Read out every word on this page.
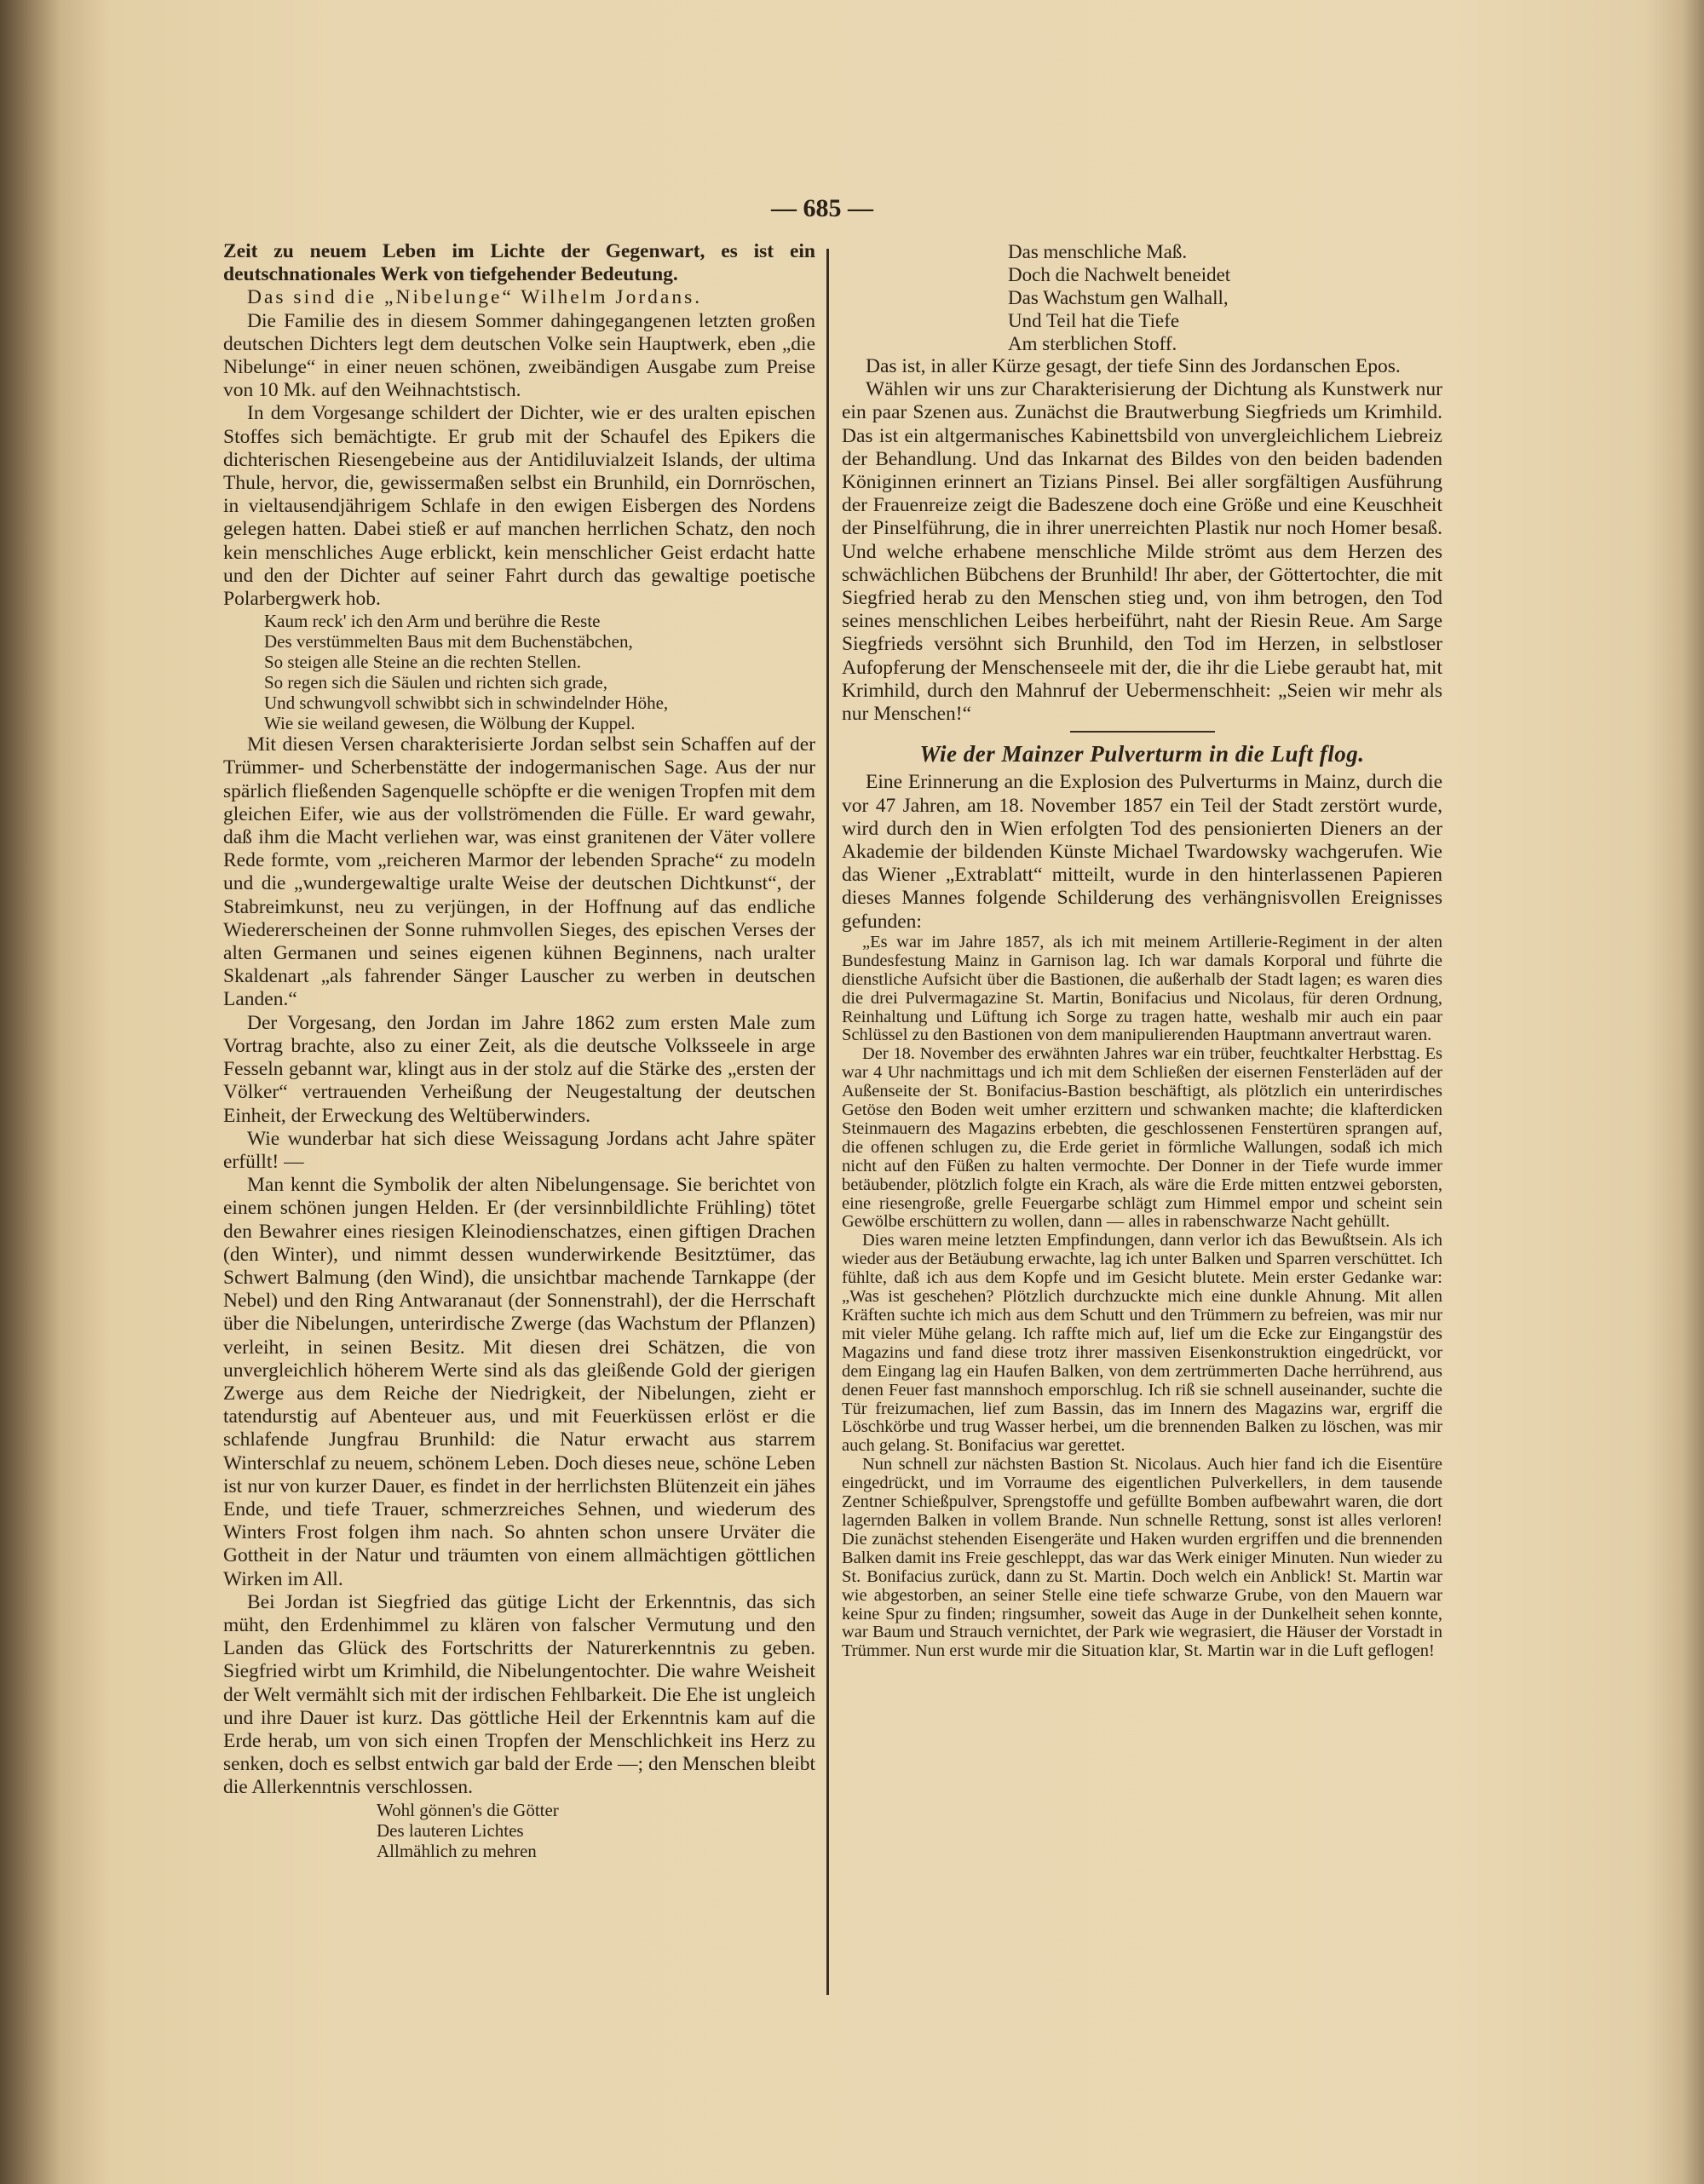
— 685 —

Zeit zu neuem Leben im Lichte der Gegenwart, es ist ein deutschnationales Werk von tiefgehender Bedeutung.

Das sind die „Nibelunge“ Wilhelm Jordans.

Die Familie des in diesem Sommer dahingegangenen letzten großen deutschen Dichters legt dem deutschen Volke sein Hauptwerk, eben „die Nibelunge“ in einer neuen schönen, zweibändigen Ausgabe zum Preise von 10 Mk. auf den Weihnachtstisch.

In dem Vorgesange schildert der Dichter, wie er des uralten epischen Stoffes sich bemächtigte. Er grub mit der Schaufel des Epikers die dichterischen Riesengebeine aus der Antidiluvialzeit Islands, der ultima Thule, hervor, die, gewissermaßen selbst ein Brunhild, ein Dornröschen, in vieltausendjährigem Schlafe in den ewigen Eisbergen des Nordens gelegen hatten. Dabei stieß er auf manchen herrlichen Schatz, den noch kein menschliches Auge erblickt, kein menschlicher Geist erdacht hatte und den der Dichter auf seiner Fahrt durch das gewaltige poetische Polarbergwerk hob.

Kaum reck' ich den Arm und berühre die Reste
Des verstümmelten Baus mit dem Buchenstäbchen,
So steigen alle Steine an die rechten Stellen.
So regen sich die Säulen und richten sich grade,
Und schwungvoll schwibbt sich in schwindelnder Höhe,
Wie sie weiland gewesen, die Wölbung der Kuppel.

Mit diesen Versen charakterisierte Jordan selbst sein Schaffen auf der Trümmer- und Scherbenstätte der indogermanischen Sage. Aus der nur spärlich fließenden Sagenquelle schöpfte er die wenigen Tropfen mit dem gleichen Eifer, wie aus der vollströmenden die Fülle. Er ward gewahr, daß ihm die Macht verliehen war, was einst granitenen der Väter vollere Rede formte, vom „reicheren Marmor der lebenden Sprache“ zu modeln und die „wundergewaltige uralte Weise der deutschen Dichtkunst“, der Stabreimkunst, neu zu verjüngen, in der Hoffnung auf das endliche Wiedererscheinen der Sonne ruhmvollen Sieges, des epischen Verses der alten Germanen und seines eigenen kühnen Beginnens, nach uralter Skaldenart „als fahrender Sänger Lauscher zu werben in deutschen Landen.“

Der Vorgesang, den Jordan im Jahre 1862 zum ersten Male zum Vortrag brachte, also zu einer Zeit, als die deutsche Volksseele in arge Fesseln gebannt war, klingt aus in der stolz auf die Stärke des „ersten der Völker“ vertrauenden Verheißung der Neugestaltung der deutschen Einheit, der Erweckung des Weltüberwinders.

Wie wunderbar hat sich diese Weissagung Jordans acht Jahre später erfüllt! —

Man kennt die Symbolik der alten Nibelungensage. Sie berichtet von einem schönen jungen Helden. Er (der versinnbildlichte Frühling) tötet den Bewahrer eines riesigen Kleinodienschatzes, einen giftigen Drachen (den Winter), und nimmt dessen wunderwirkende Besitztümer, das Schwert Balmung (den Wind), die unsichtbar machende Tarnkappe (der Nebel) und den Ring Antwaranaut (der Sonnenstrahl), der die Herrschaft über die Nibelungen, unterirdische Zwerge (das Wachstum der Pflanzen) verleiht, in seinen Besitz. Mit diesen drei Schätzen, die von unvergleichlich höherem Werte sind als das gleißende Gold der gierigen Zwerge aus dem Reiche der Niedrigkeit, der Nibelungen, zieht er tatendurstig auf Abenteuer aus, und mit Feuerküssen erlöst er die schlafende Jungfrau Brunhild: die Natur erwacht aus starrem Winterschlaf zu neuem, schönem Leben. Doch dieses neue, schöne Leben ist nur von kurzer Dauer, es findet in der herrlichsten Blütenzeit ein jähes Ende, und tiefe Trauer, schmerzreiches Sehnen, und wiederum des Winters Frost folgen ihm nach. So ahnten schon unsere Urväter die Gottheit in der Natur und träumten von einem allmächtigen göttlichen Wirken im All.

Bei Jordan ist Siegfried das gütige Licht der Erkenntnis, das sich müht, den Erdenhimmel zu klären von falscher Vermutung und den Landen das Glück des Fortschritts der Naturerkenntnis zu geben. Siegfried wirbt um Krimhild, die Nibelungentochter. Die wahre Weisheit der Welt vermählt sich mit der irdischen Fehlbarkeit. Die Ehe ist ungleich und ihre Dauer ist kurz. Das göttliche Heil der Erkenntnis kam auf die Erde herab, um von sich einen Tropfen der Menschlichkeit ins Herz zu senken, doch es selbst entwich gar bald der Erde —; den Menschen bleibt die Allerkenntnis verschlossen.

Wohl gönnen's die Götter
Des lauteren Lichtes
Allmählich zu mehren
Das menschliche Maß.
Doch die Nachwelt beneidet
Das Wachstum gen Walhall,
Und Teil hat die Tiefe
Am sterblichen Stoff.

Das ist, in aller Kürze gesagt, der tiefe Sinn des Jordanschen Epos.

Wählen wir uns zur Charakterisierung der Dichtung als Kunstwerk nur ein paar Szenen aus. Zunächst die Brautwerbung Siegfrieds um Krimhild. Das ist ein altgermanisches Kabinettsbild von unvergleichlichem Liebreiz der Behandlung. Und das Inkarnat des Bildes von den beiden badenden Königinnen erinnert an Tizians Pinsel. Bei aller sorgfältigen Ausführung der Frauenreize zeigt die Badeszene doch eine Größe und eine Keuschheit der Pinselführung, die in ihrer unerreichten Plastik nur noch Homer besaß. Und welche erhabene menschliche Milde strömt aus dem Herzen des schwächlichen Bübchens der Brunhild! Ihr aber, der Göttertochter, die mit Siegfried herab zu den Menschen stieg und, von ihm betrogen, den Tod seines menschlichen Leibes herbeiführt, naht der Riesin Reue. Am Sarge Siegfrieds versöhnt sich Brunhild, den Tod im Herzen, in selbstloser Aufopferung der Menschenseele mit der, die ihr die Liebe geraubt hat, mit Krimhild, durch den Mahnruf der Uebermenschheit: „Seien wir mehr als nur Menschen!“

Wie der Mainzer Pulverturm in die Luft flog.

Eine Erinnerung an die Explosion des Pulverturms in Mainz, durch die vor 47 Jahren, am 18. November 1857 ein Teil der Stadt zerstört wurde, wird durch den in Wien erfolgten Tod des pensionierten Dieners an der Akademie der bildenden Künste Michael Twardowsky wachgerufen. Wie das Wiener „Extrablatt“ mitteilt, wurde in den hinterlassenen Papieren dieses Mannes folgende Schilderung des verhängnisvollen Ereignisses gefunden:

„Es war im Jahre 1857, als ich mit meinem Artillerie-Regiment in der alten Bundesfestung Mainz in Garnison lag. Ich war damals Korporal und führte die dienstliche Aufsicht über die Bastionen, die außerhalb der Stadt lagen; es waren dies die drei Pulvermagazine St. Martin, Bonifacius und Nicolaus, für deren Ordnung, Reinhaltung und Lüftung ich Sorge zu tragen hatte, weshalb mir auch ein paar Schlüssel zu den Bastionen von dem manipulierenden Hauptmann anvertraut waren.

Der 18. November des erwähnten Jahres war ein trüber, feuchtkalter Herbsttag. Es war 4 Uhr nachmittags und ich mit dem Schließen der eisernen Fensterläden auf der Außenseite der St. Bonifacius-Bastion beschäftigt, als plötzlich ein unterirdisches Getöse den Boden weit umher erzittern und schwanken machte; die klafterdicken Steinmauern des Magazins erbebten, die geschlossenen Fenstertüren sprangen auf, die offenen schlugen zu, die Erde geriet in förmliche Wallungen, sodaß ich mich nicht auf den Füßen zu halten vermochte. Der Donner in der Tiefe wurde immer betäubender, plötzlich folgte ein Krach, als wäre die Erde mitten entzwei geborsten, eine riesengroße, grelle Feuergarbe schlägt zum Himmel empor und scheint sein Gewölbe erschüttern zu wollen, dann — alles in rabenschwarze Nacht gehüllt.

Dies waren meine letzten Empfindungen, dann verlor ich das Bewußtsein. Als ich wieder aus der Betäubung erwachte, lag ich unter Balken und Sparren verschüttet. Ich fühlte, daß ich aus dem Kopfe und im Gesicht blutete. Mein erster Gedanke war: „Was ist geschehen? Plötzlich durchzuckte mich eine dunkle Ahnung. Mit allen Kräften suchte ich mich aus dem Schutt und den Trümmern zu befreien, was mir nur mit vieler Mühe gelang. Ich raffte mich auf, lief um die Ecke zur Eingangstür des Magazins und fand diese trotz ihrer massiven Eisenkonstruktion eingedrückt, vor dem Eingang lag ein Haufen Balken, von dem zertrümmerten Dache herrührend, aus denen Feuer fast mannshoch emporschlug. Ich riß sie schnell auseinander, suchte die Tür freizumachen, lief zum Bassin, das im Innern des Magazins war, ergriff die Löschkörbe und trug Wasser herbei, um die brennenden Balken zu löschen, was mir auch gelang. St. Bonifacius war gerettet.

Nun schnell zur nächsten Bastion St. Nicolaus. Auch hier fand ich die Eisentüre eingedrückt, und im Vorraume des eigentlichen Pulverkellers, in dem tausende Zentner Schießpulver, Sprengstoffe und gefüllte Bomben aufbewahrt waren, die dort lagernden Balken in vollem Brande. Nun schnelle Rettung, sonst ist alles verloren! Die zunächst stehenden Eisengeräte und Haken wurden ergriffen und die brennenden Balken damit ins Freie geschleppt, das war das Werk einiger Minuten. Nun wieder zu St. Bonifacius zurück, dann zu St. Martin. Doch welch ein Anblick! St. Martin war wie abgestorben, an seiner Stelle eine tiefe schwarze Grube, von den Mauern war keine Spur zu finden; ringsumher, soweit das Auge in der Dunkelheit sehen konnte, war Baum und Strauch vernichtet, der Park wie wegrasiert, die Häuser der Vorstadt in Trümmer. Nun erst wurde mir die Situation klar, St. Martin war in die Luft geflogen!
